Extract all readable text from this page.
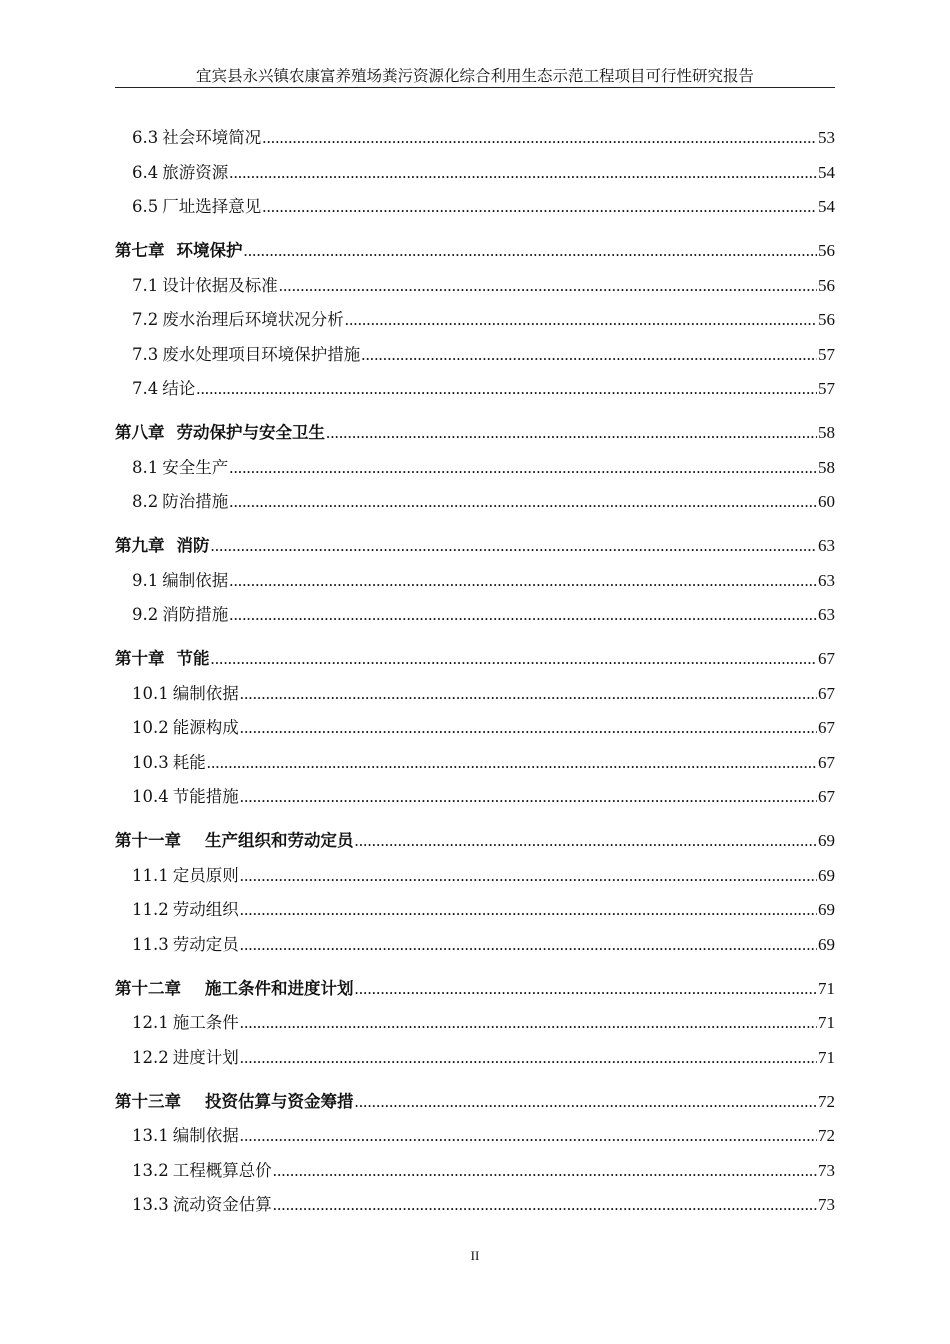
宜宾县永兴镇农康富养殖场粪污资源化综合利用生态示范工程项目可行性研究报告
6.3 社会环境简况 .....	53
6.4 旅游资源 .....	54
6.5 厂址选择意见 .....	54
第七章 环境保护 .....	56
7.1 设计依据及标准 .....	56
7.2 废水治理后环境状况分析 .....	56
7.3 废水处理项目环境保护措施 .....	57
7.4 结论 .....	57
第八章 劳动保护与安全卫生 .....	58
8.1 安全生产 .....	58
8.2 防治措施 .....	60
第九章 消防 .....	63
9.1 编制依据 .....	63
9.2 消防措施 .....	63
第十章 节能 .....	67
10.1 编制依据 .....	67
10.2 能源构成 .....	67
10.3 耗能 .....	67
10.4 节能措施 .....	67
第十一章 生产组织和劳动定员 .....	69
11.1 定员原则 .....	69
11.2 劳动组织 .....	69
11.3 劳动定员 .....	69
第十二章 施工条件和进度计划 .....	71
12.1 施工条件 .....	71
12.2 进度计划 .....	71
第十三章 投资估算与资金筹措 .....	72
13.1 编制依据 .....	72
13.2 工程概算总价 .....	73
13.3 流动资金估算 .....	73
II
